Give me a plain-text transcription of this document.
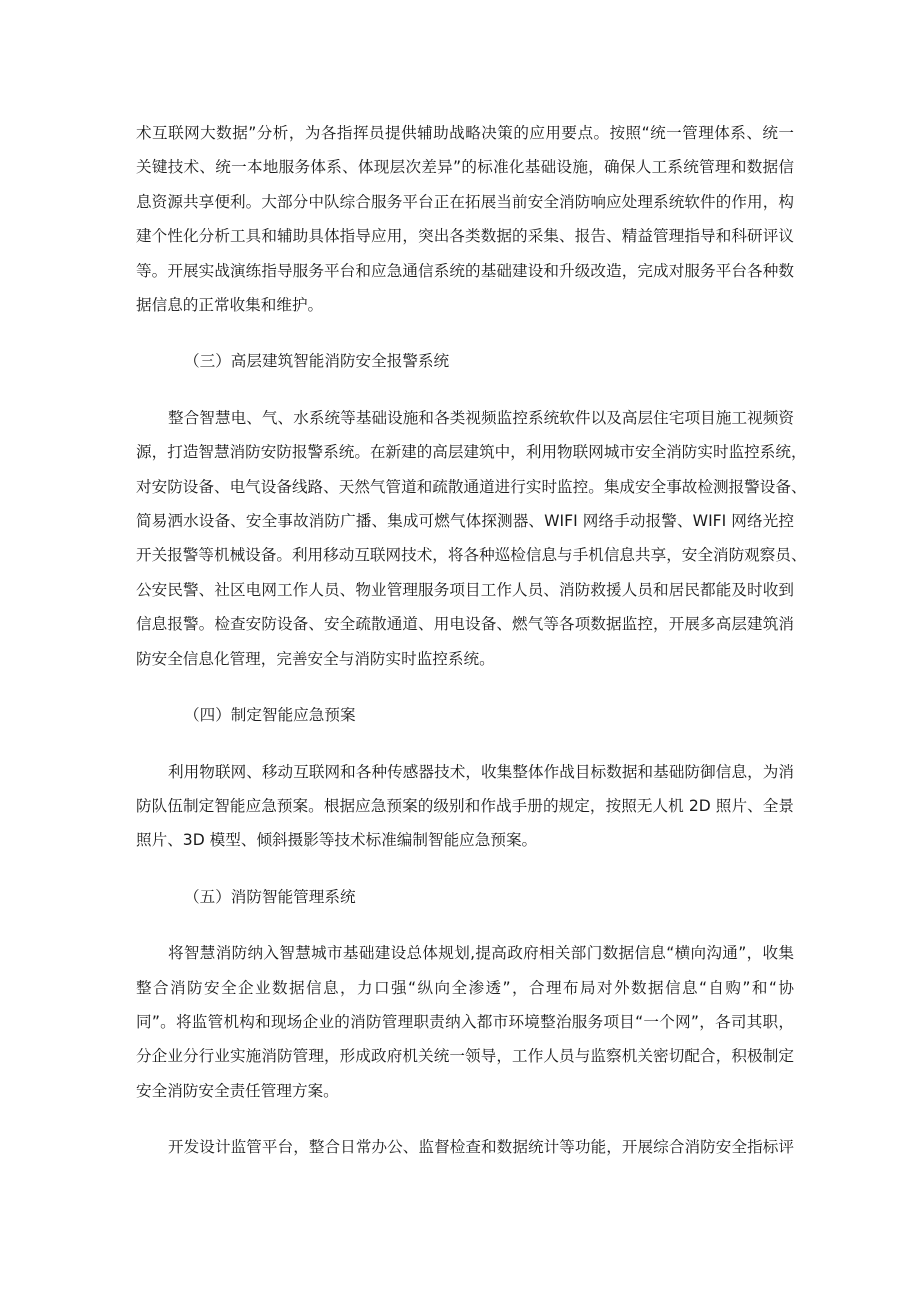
术互联网大数据”分析，为各指挥员提供辅助战略决策的应用要点。按照“统一管理体系、统一
关键技术、统一本地服务体系、体现层次差异”的标准化基础设施，确保人工系统管理和数据信
息资源共享便利。大部分中队综合服务平台正在拓展当前安全消防响应处理系统软件的作用，构
建个性化分析工具和辅助具体指导应用，突出各类数据的采集、报告、精益管理指导和科研评议
等。开展实战演练指导服务平台和应急通信系统的基础建设和升级改造，完成对服务平台各种数
据信息的正常收集和维护。
（三）高层建筑智能消防安全报警系统
整合智慧电、气、水系统等基础设施和各类视频监控系统软件以及高层住宅项目施工视频资
源，打造智慧消防安防报警系统。在新建的高层建筑中，利用物联网城市安全消防实时监控系统，
对安防设备、电气设备线路、天然气管道和疏散通道进行实时监控。集成安全事故检测报警设备、
简易洒水设备、安全事故消防广播、集成可燃气体探测器、WIFI 网络手动报警、WIFI 网络光控
开关报警等机械设备。利用移动互联网技术，将各种巡检信息与手机信息共享，安全消防观察员、
公安民警、社区电网工作人员、物业管理服务项目工作人员、消防救援人员和居民都能及时收到
信息报警。检查安防设备、安全疏散通道、用电设备、燃气等各项数据监控，开展多高层建筑消
防安全信息化管理，完善安全与消防实时监控系统。
（四）制定智能应急预案
利用物联网、移动互联网和各种传感器技术，收集整体作战目标数据和基础防御信息，为消
防队伍制定智能应急预案。根据应急预案的级别和作战手册的规定，按照无人机 2D 照片、全景
照片、3D 模型、倾斜摄影等技术标准编制智能应急预案。
（五）消防智能管理系统
将智慧消防纳入智慧城市基础建设总体规划,提高政府相关部门数据信息“横向沟通”，收集
整合消防安全企业数据信息，力口强“纵向全渗透”，合理布局对外数据信息“自购”和“协
同”。将监管机构和现场企业的消防管理职责纳入都市环境整治服务项目“一个网”，各司其职，
分企业分行业实施消防管理，形成政府机关统一领导，工作人员与监察机关密切配合，积极制定
安全消防安全责任管理方案。
开发设计监管平台，整合日常办公、监督检查和数据统计等功能，开展综合消防安全指标评
